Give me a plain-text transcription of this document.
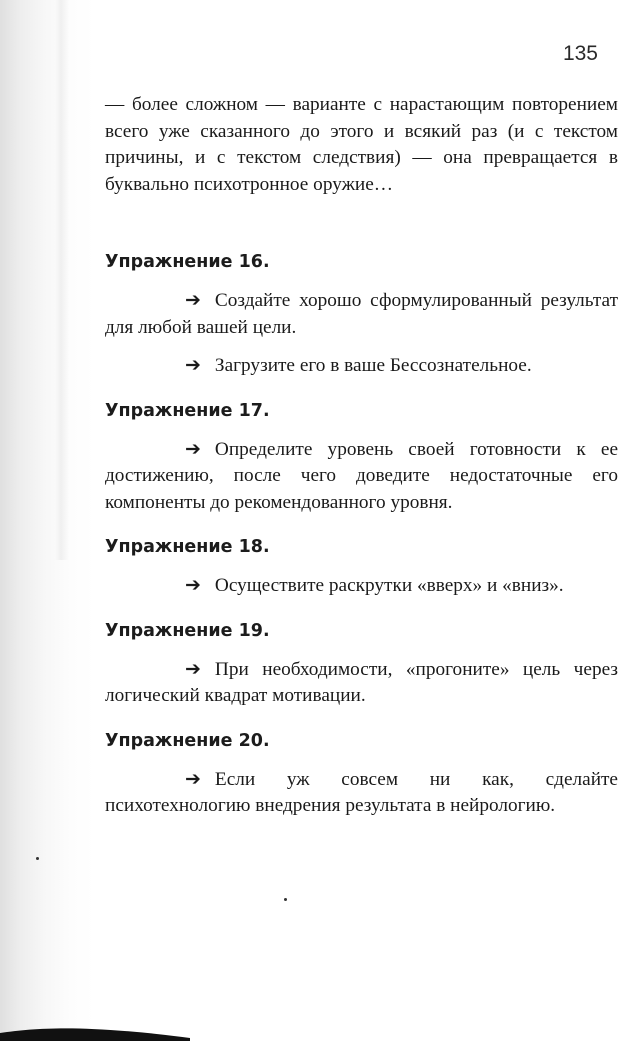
135

— более сложном — варианте с нарастающим повторением всего уже сказанного до этого и всякий раз (и с текстом причины, и с текстом следствия) — она превращается в буквально психотронное оружие…

Упражнение 16.

➔ Создайте хорошо сформулированный результат для любой вашей цели.

➔ Загрузите его в ваше Бессознательное.

Упражнение 17.

➔ Определите уровень своей готовности к ее достижению, после чего доведите недостаточные его компоненты до рекомендованного уровня.

Упражнение 18.

➔ Осуществите раскрутки «вверх» и «вниз».

Упражнение 19.

➔ При необходимости, «прогоните» цель через логический квадрат мотивации.

Упражнение 20.

➔ Если уж совсем ни как, сделайте психотехнологию внедрения результата в нейрологию.
